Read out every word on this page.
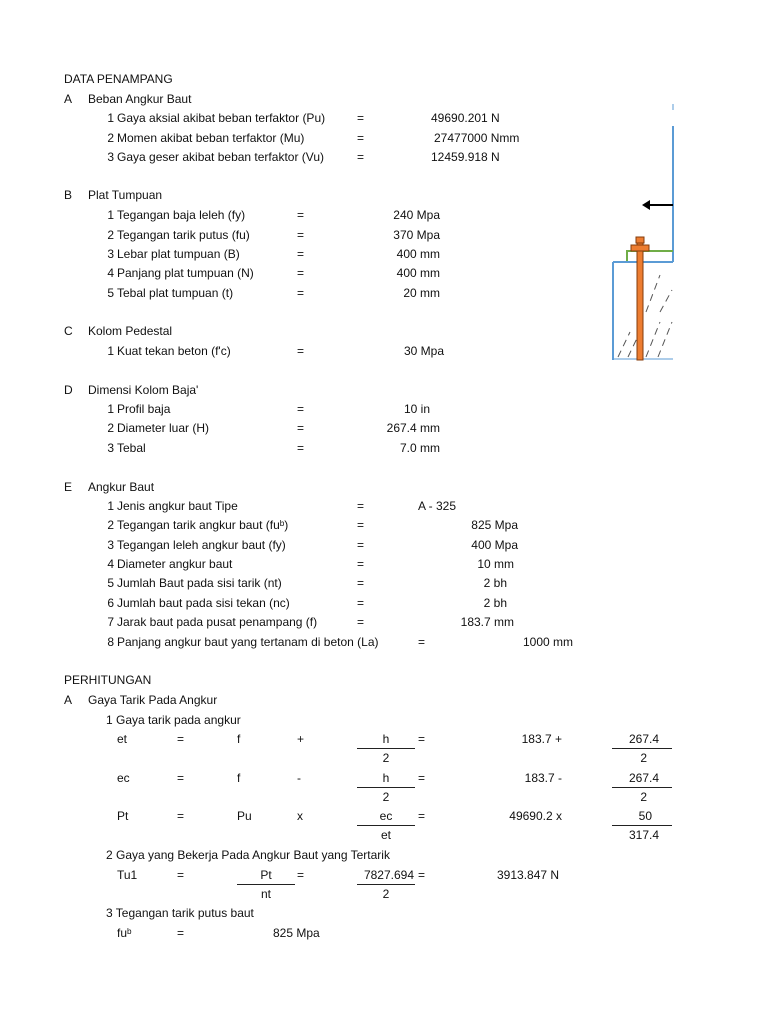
DATA PENAMPANG
A Beban Angkur Baut
1 Gaya aksial akibat beban terfaktor (Pu)	=	49690.201 N
2 Momen akibat beban terfaktor (Mu)	=	27477000 Nmm
3 Gaya geser akibat beban terfaktor (Vu)	=	12459.918 N
B Plat Tumpuan
1 Tegangan baja leleh (fy)	=	240 Mpa
2 Tegangan tarik putus (fu)	=	370 Mpa
3 Lebar plat tumpuan (B)	=	400 mm
4 Panjang plat tumpuan (N)	=	400 mm
5 Tebal plat tumpuan (t)	=	20 mm
C Kolom Pedestal
1 Kuat tekan beton (f'c)	=	30 Mpa
D Dimensi Kolom Baja'
1 Profil baja	=	10 in
2 Diameter luar (H)	=	267.4 mm
3 Tebal	=	7.0 mm
E Angkur Baut
1 Jenis angkur baut Tipe	=	A - 325
2 Tegangan tarik angkur baut (fuᵇ)	=	825 Mpa
3 Tegangan leleh angkur baut (fy)	=	400 Mpa
4 Diameter angkur baut	=	10 mm
5 Jumlah Baut pada sisi tarik (nt)	=	2 bh
6 Jumlah baut pada sisi tekan (nc)	=	2 bh
7 Jarak baut pada pusat penampang (f)	=	183.7 mm
8 Panjang angkur baut yang tertanam di beton (La)	=	1000 mm
PERHITUNGAN
A Gaya Tarik Pada Angkur
1 Gaya tarik pada angkur
et	=	f	+	h
2
=	183.7 +	267.4
2
ec	=	f	-	h
2
=	183.7 -	267.4
2
Pt	=	Pu	x	ec
et
=	49690.2 x	50
317.4
2 Gaya yang Bekerja Pada Angkur Baut yang Tertarik
Tu1	=	Pt
nt
=	7827.694
2
=	3913.847 N
3 Tegangan tarik putus baut
fuᵇ	=	825 Mpa
